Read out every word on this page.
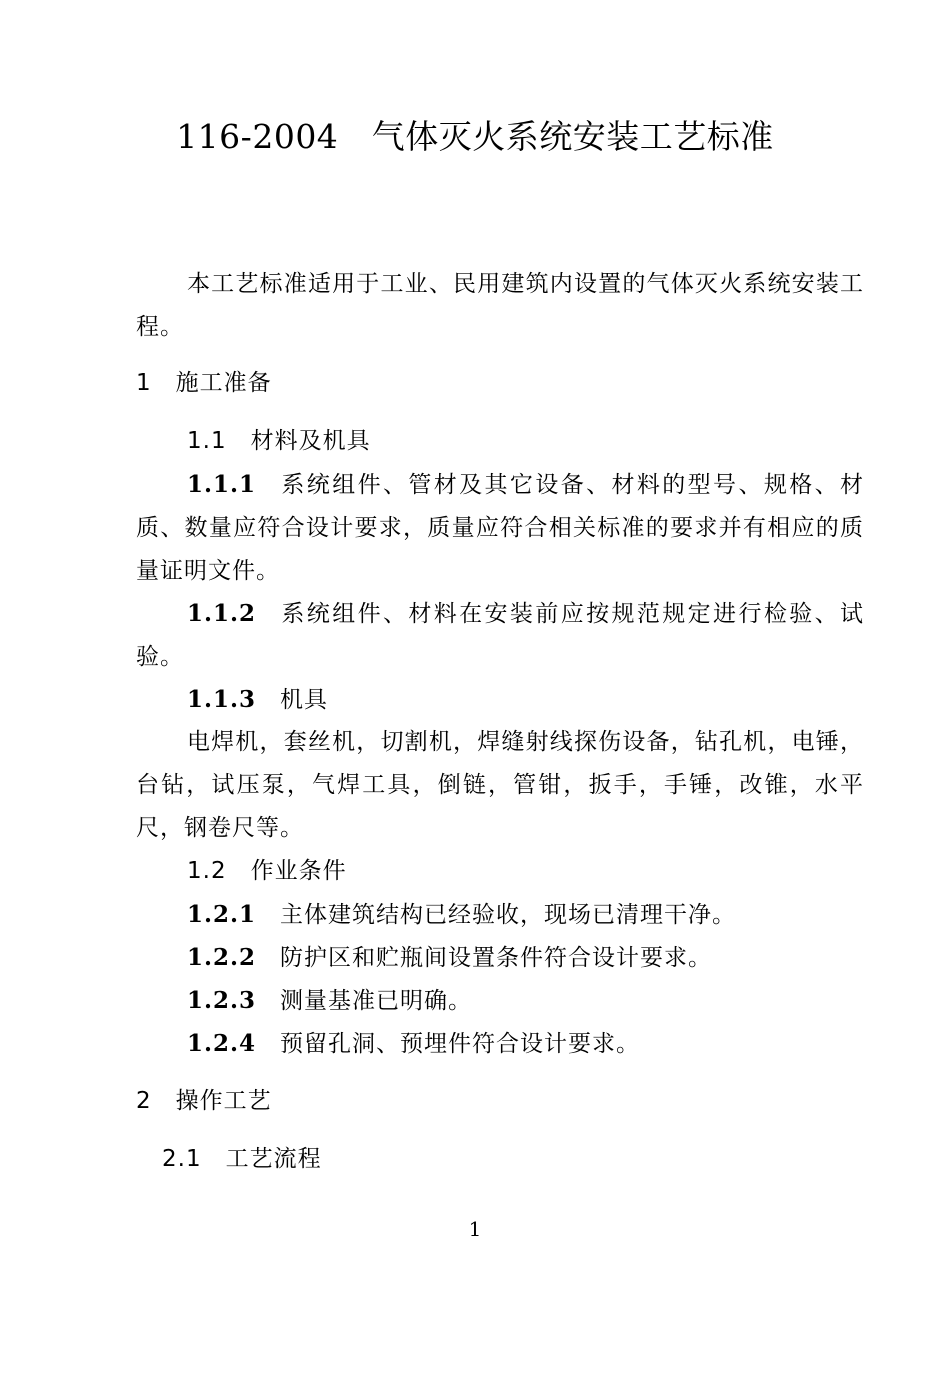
116-2004　气体灭火系统安装工艺标准

本工艺标准适用于工业、民用建筑内设置的气体灭火系统安装工程。

1 施工准备
1.1 材料及机具

1.1.1 系统组件、管材及其它设备、材料的型号、规格、材质、数量应符合设计要求，质量应符合相关标准的要求并有相应的质量证明文件。

1.1.2 系统组件、材料在安装前应按规范规定进行检验、试验。

1.1.3 机具

电焊机，套丝机，切割机，焊缝射线探伤设备，钻孔机，电锤，台钻，试压泵，气焊工具，倒链，管钳，扳手，手锤，改锥，水平尺，钢卷尺等。

1.2 作业条件
1.2.1 主体建筑结构已经验收，现场已清理干净。
1.2.2 防护区和贮瓶间设置条件符合设计要求。
1.2.3 测量基准已明确。
1.2.4 预留孔洞、预埋件符合设计要求。
2 操作工艺
2.1 工艺流程
1
